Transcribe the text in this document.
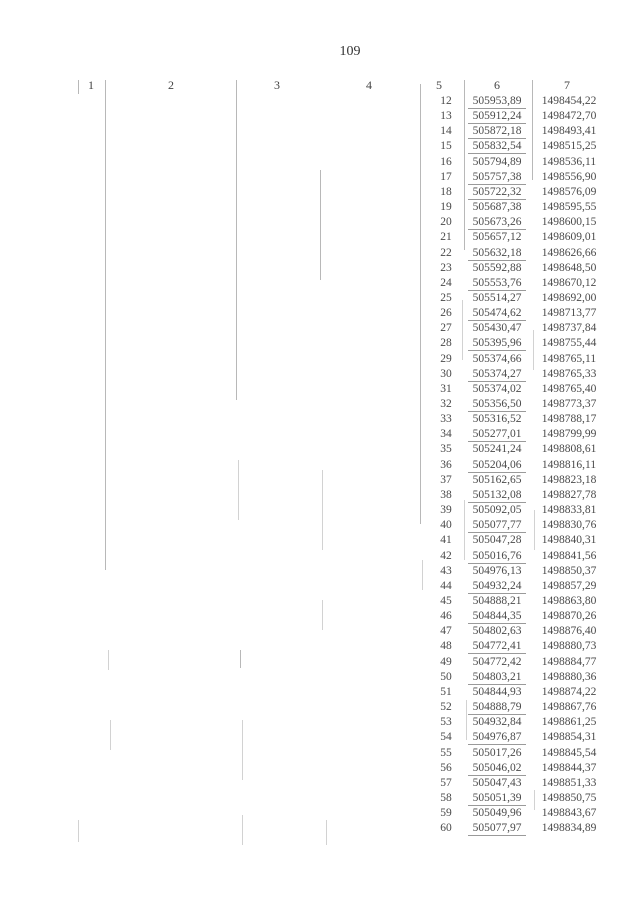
109
1	2	3	4	5	6	7
12	505953,89	1498454,22
13	505912,24	1498472,70
14	505872,18	1498493,41
15	505832,54	1498515,25
16	505794,89	1498536,11
17	505757,38	1498556,90
18	505722,32	1498576,09
19	505687,38	1498595,55
20	505673,26	1498600,15
21	505657,12	1498609,01
22	505632,18	1498626,66
23	505592,88	1498648,50
24	505553,76	1498670,12
25	505514,27	1498692,00
26	505474,62	1498713,77
27	505430,47	1498737,84
28	505395,96	1498755,44
29	505374,66	1498765,11
30	505374,27	1498765,33
31	505374,02	1498765,40
32	505356,50	1498773,37
33	505316,52	1498788,17
34	505277,01	1498799,99
35	505241,24	1498808,61
36	505204,06	1498816,11
37	505162,65	1498823,18
38	505132,08	1498827,78
39	505092,05	1498833,81
40	505077,77	1498830,76
41	505047,28	1498840,31
42	505016,76	1498841,56
43	504976,13	1498850,37
44	504932,24	1498857,29
45	504888,21	1498863,80
46	504844,35	1498870,26
47	504802,63	1498876,40
48	504772,41	1498880,73
49	504772,42	1498884,77
50	504803,21	1498880,36
51	504844,93	1498874,22
52	504888,79	1498867,76
53	504932,84	1498861,25
54	504976,87	1498854,31
55	505017,26	1498845,54
56	505046,02	1498844,37
57	505047,43	1498851,33
58	505051,39	1498850,75
59	505049,96	1498843,67
60	505077,97	1498834,89
